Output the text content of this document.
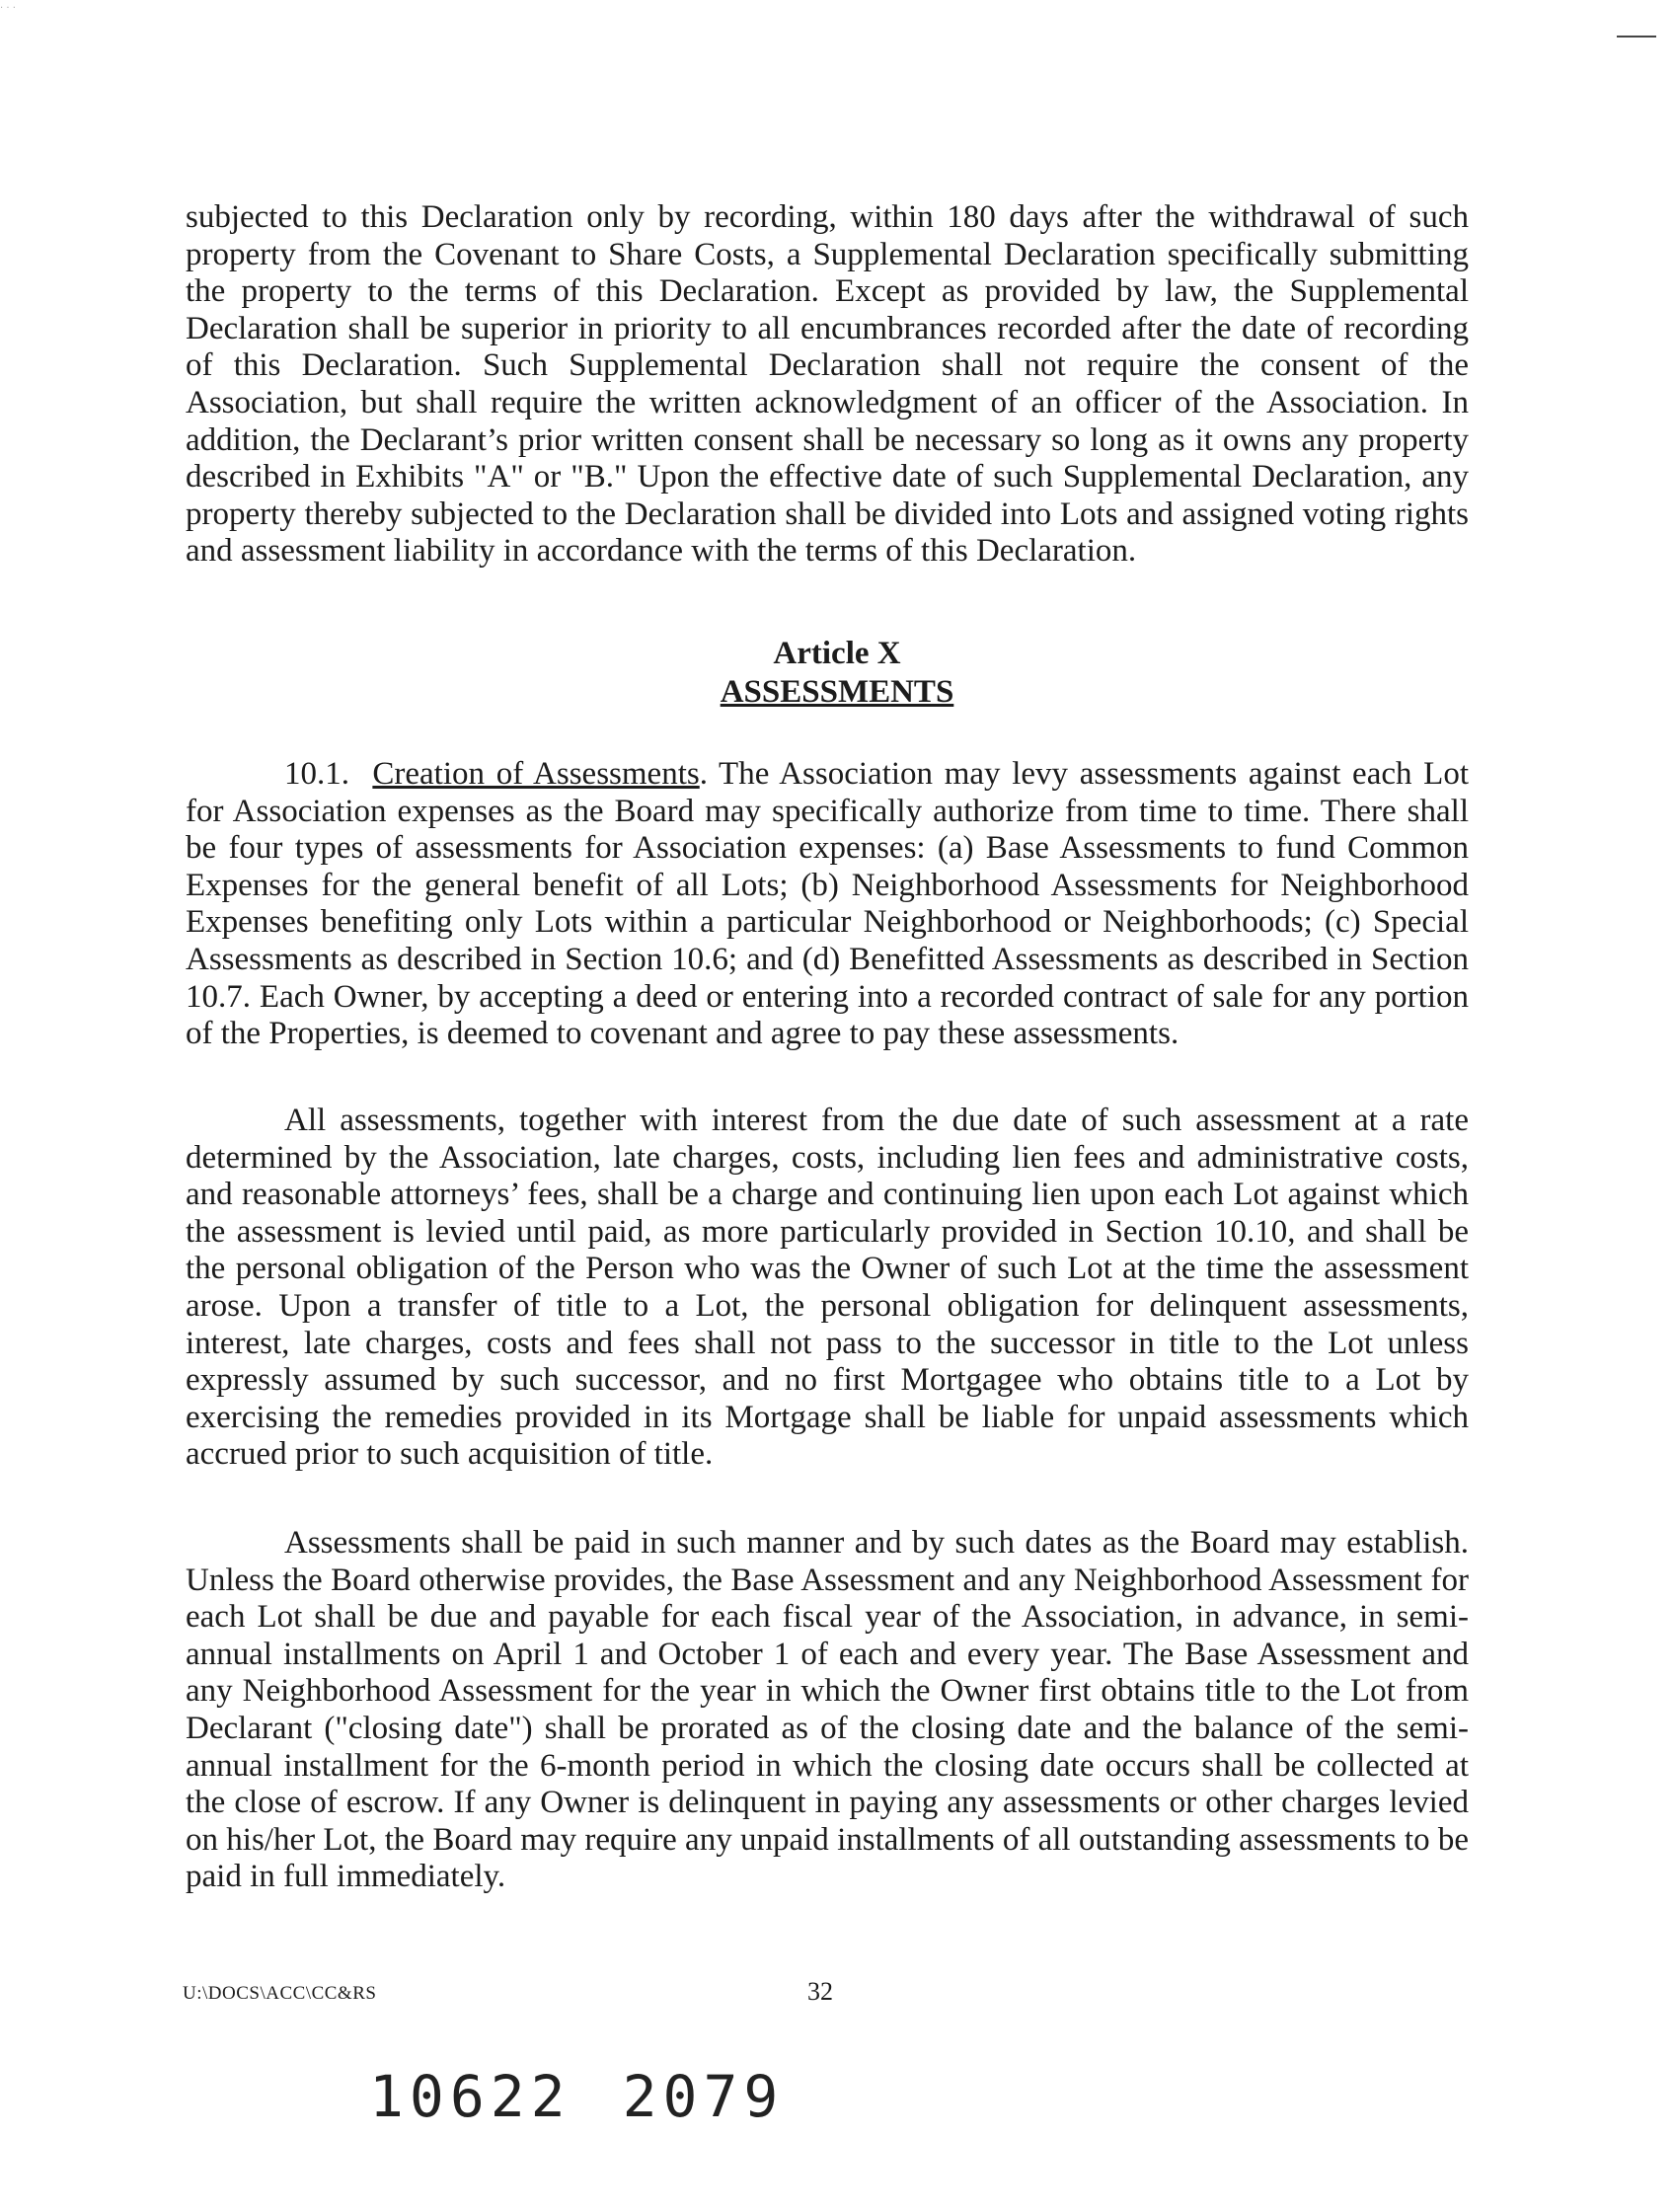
. . .

subjected to this Declaration only by recording, within 180 days after the withdrawal of such property from the Covenant to Share Costs, a Supplemental Declaration specifically submitting the property to the terms of this Declaration. Except as provided by law, the Supplemental Declaration shall be superior in priority to all encumbrances recorded after the date of recording of this Declaration. Such Supplemental Declaration shall not require the consent of the Association, but shall require the written acknowledgment of an officer of the Association. In addition, the Declarant’s prior written consent shall be necessary so long as it owns any property described in Exhibits "A" or "B." Upon the effective date of such Supplemental Declaration, any property thereby subjected to the Declaration shall be divided into Lots and assigned voting rights and assessment liability in accordance with the terms of this Declaration.

Article X
ASSESSMENTS

10.1. Creation of Assessments. The Association may levy assessments against each Lot for Association expenses as the Board may specifically authorize from time to time. There shall be four types of assessments for Association expenses: (a) Base Assessments to fund Common Expenses for the general benefit of all Lots; (b) Neighborhood Assessments for Neighborhood Expenses benefiting only Lots within a particular Neighborhood or Neighborhoods; (c) Special Assessments as described in Section 10.6; and (d) Benefitted Assessments as described in Section 10.7. Each Owner, by accepting a deed or entering into a recorded contract of sale for any portion of the Properties, is deemed to covenant and agree to pay these assessments.

All assessments, together with interest from the due date of such assessment at a rate determined by the Association, late charges, costs, including lien fees and administrative costs, and reasonable attorneys’ fees, shall be a charge and continuing lien upon each Lot against which the assessment is levied until paid, as more particularly provided in Section 10.10, and shall be the personal obligation of the Person who was the Owner of such Lot at the time the assessment arose. Upon a transfer of title to a Lot, the personal obligation for delinquent assessments, interest, late charges, costs and fees shall not pass to the successor in title to the Lot unless expressly assumed by such successor, and no first Mortgagee who obtains title to a Lot by exercising the remedies provided in its Mortgage shall be liable for unpaid assessments which accrued prior to such acquisition of title.

Assessments shall be paid in such manner and by such dates as the Board may establish. Unless the Board otherwise provides, the Base Assessment and any Neighborhood Assessment for each Lot shall be due and payable for each fiscal year of the Association, in advance, in semi-annual installments on April 1 and October 1 of each and every year. The Base Assessment and any Neighborhood Assessment for the year in which the Owner first obtains title to the Lot from Declarant ("closing date") shall be prorated as of the closing date and the balance of the semi-annual installment for the 6-month period in which the closing date occurs shall be collected at the close of escrow. If any Owner is delinquent in paying any assessments or other charges levied on his/her Lot, the Board may require any unpaid installments of all outstanding assessments to be paid in full immediately.

U:\DOCS\ACC\CC&RS	32
10622 2079
